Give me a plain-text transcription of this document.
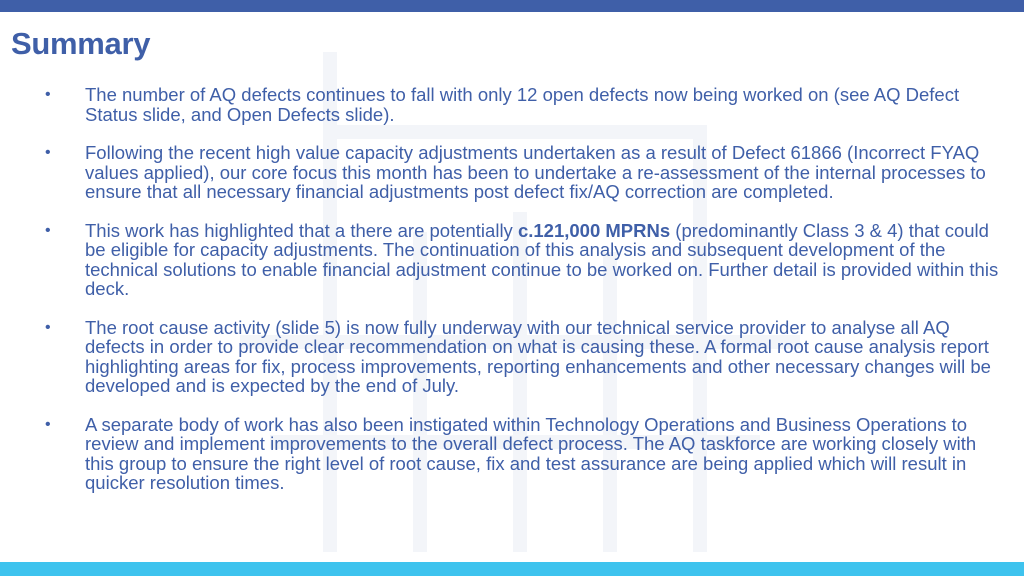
Summary
• The number of AQ defects continues to fall with only 12 open defects now being worked on (see AQ Defect Status slide, and Open Defects slide).
• Following the recent high value capacity adjustments undertaken as a result of Defect 61866 (Incorrect FYAQ values applied), our core focus this month has been to undertake a re-assessment of the internal processes to ensure that all necessary financial adjustments post defect fix/AQ correction are completed.
• This work has highlighted that a there are potentially c.121,000 MPRNs (predominantly Class 3 & 4) that could be eligible for capacity adjustments. The continuation of this analysis and subsequent development of the technical solutions to enable financial adjustment continue to be worked on. Further detail is provided within this deck.
• The root cause activity (slide 5) is now fully underway with our technical service provider to analyse all AQ defects in order to provide clear recommendation on what is causing these. A formal root cause analysis report highlighting areas for fix, process improvements, reporting enhancements and other necessary changes will be developed and is expected by the end of July.
• A separate body of work has also been instigated within Technology Operations and Business Operations to review and implement improvements to the overall defect process. The AQ taskforce are working closely with this group to ensure the right level of root cause, fix and test assurance are being applied which will result in quicker resolution times.
